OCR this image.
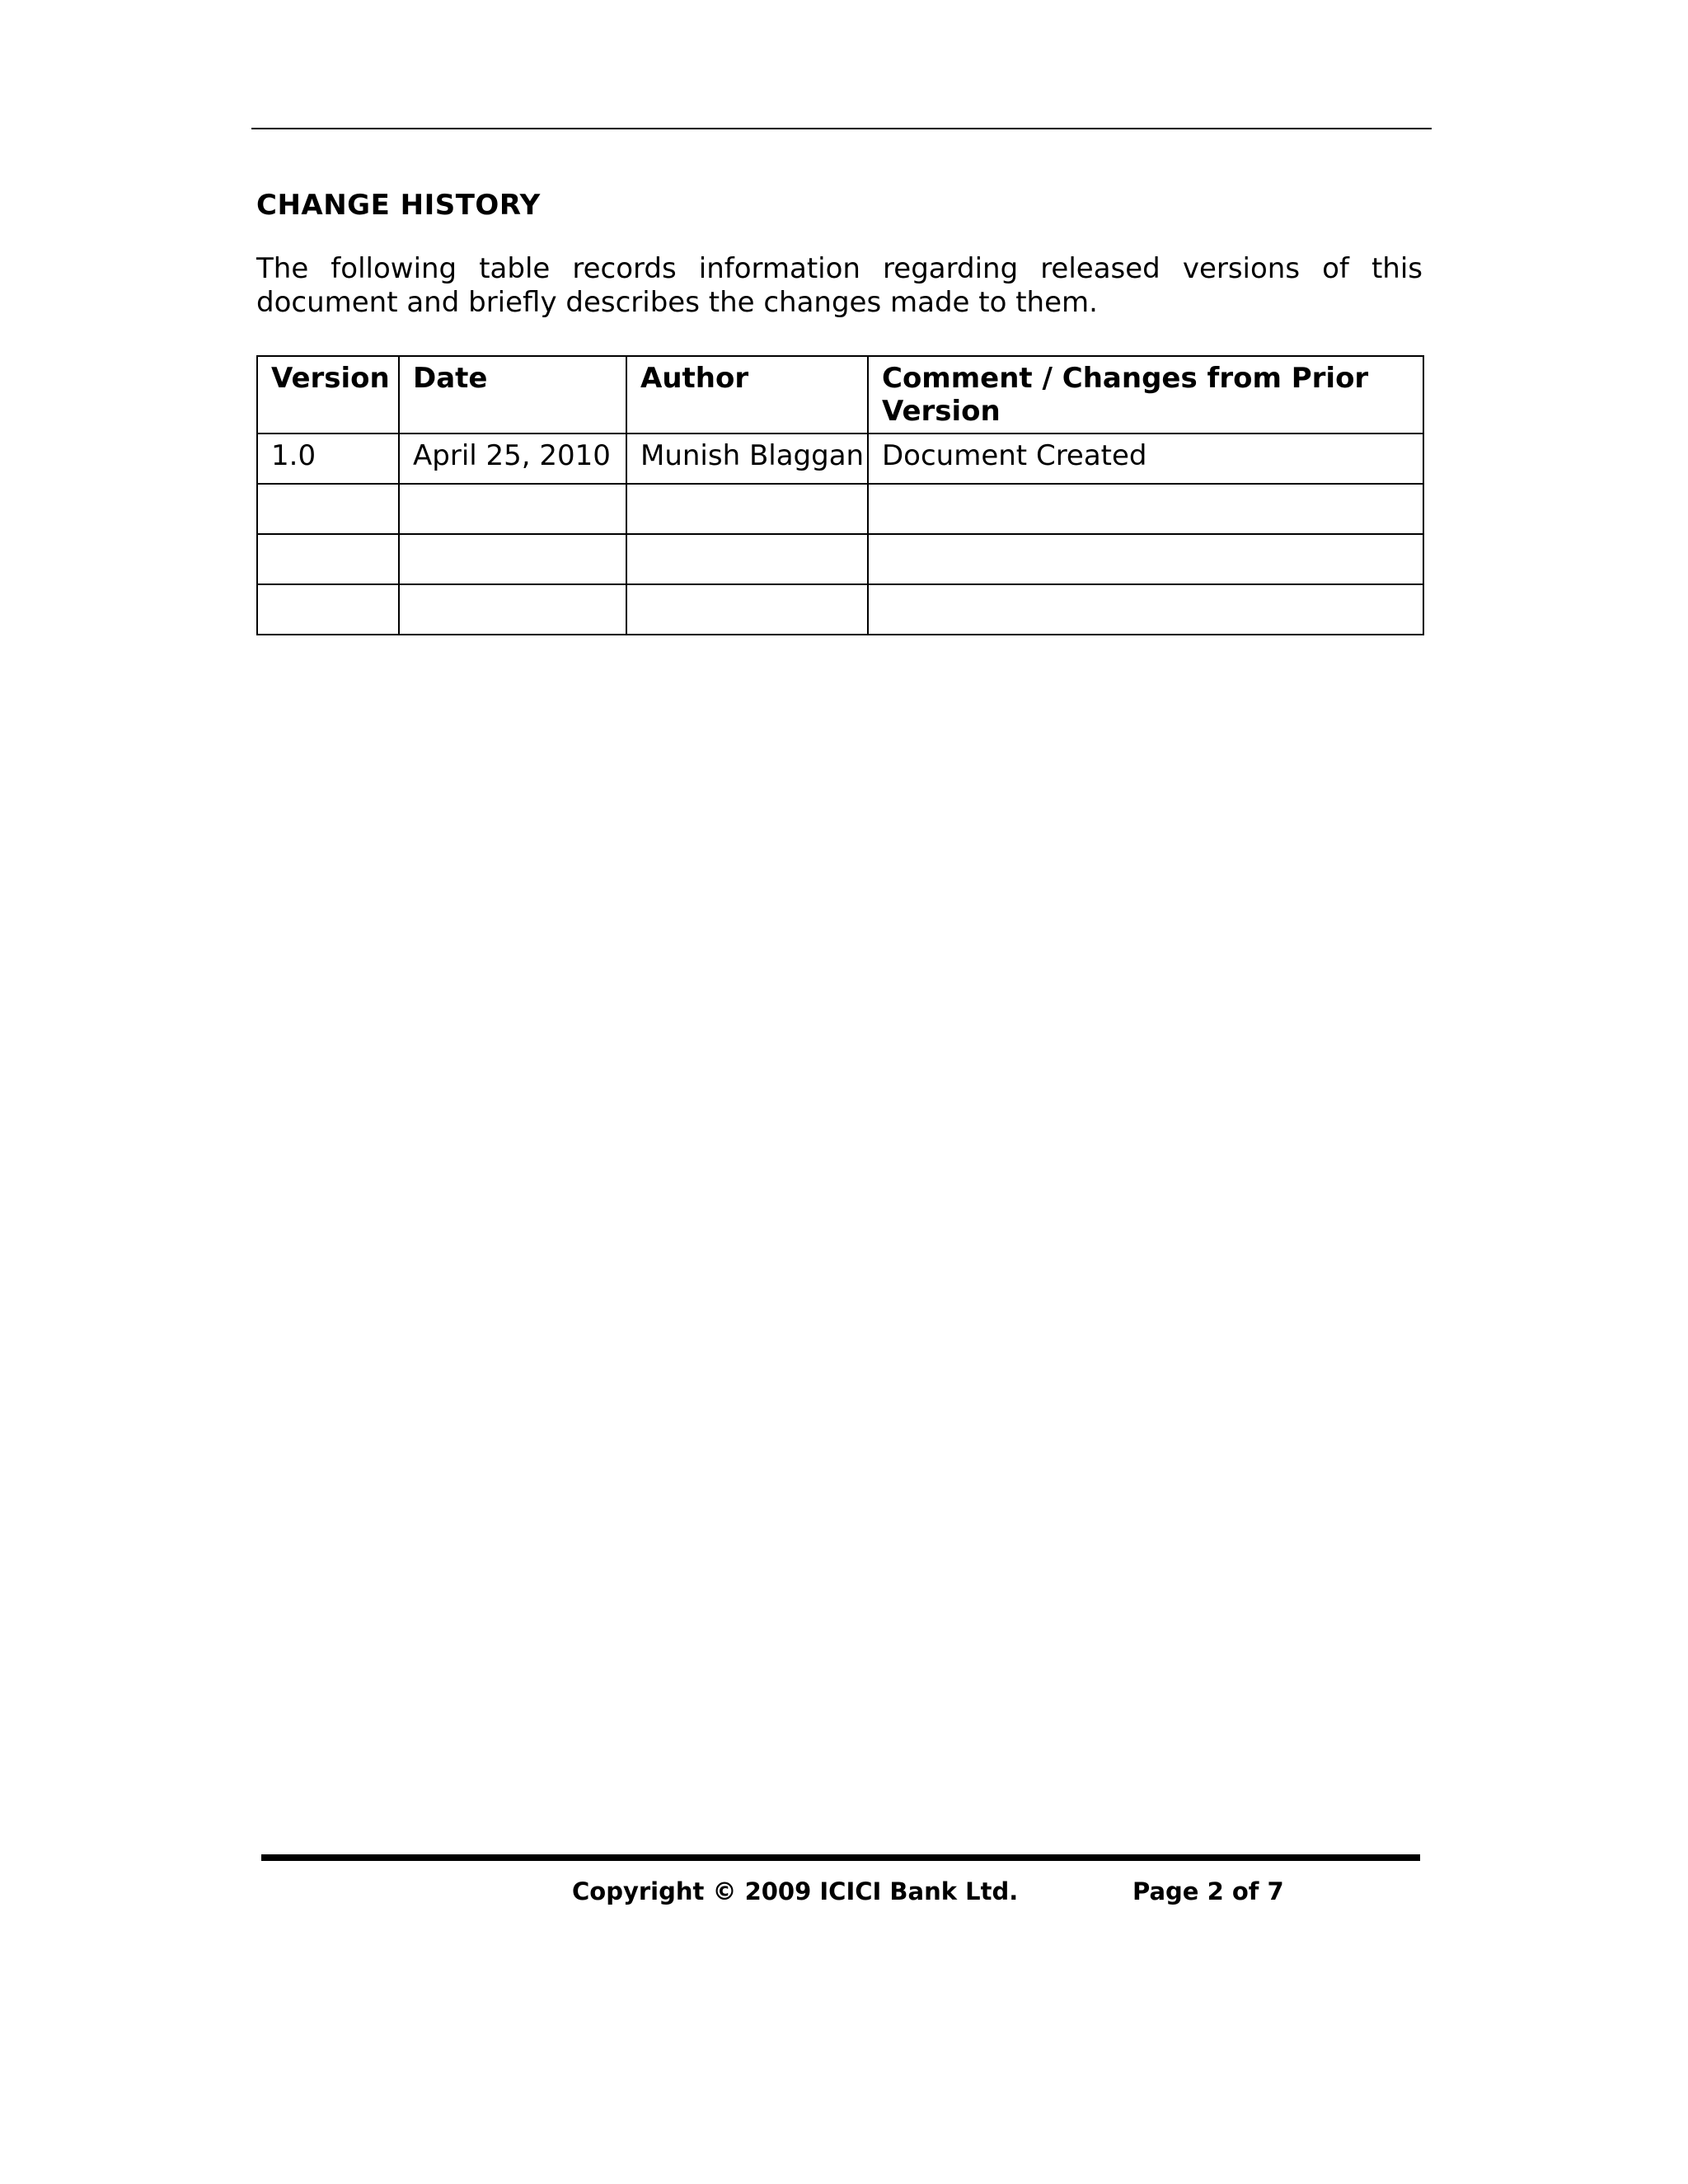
CHANGE HISTORY

The following table records information regarding released versions of this document and briefly describes the changes made to them.

Version	Date	Author	Comment / Changes from Prior Version
1.0	April 25, 2010	Munish Blaggan	Document Created

Copyright © 2009 ICICI Bank Ltd.	Page 2 of 7
